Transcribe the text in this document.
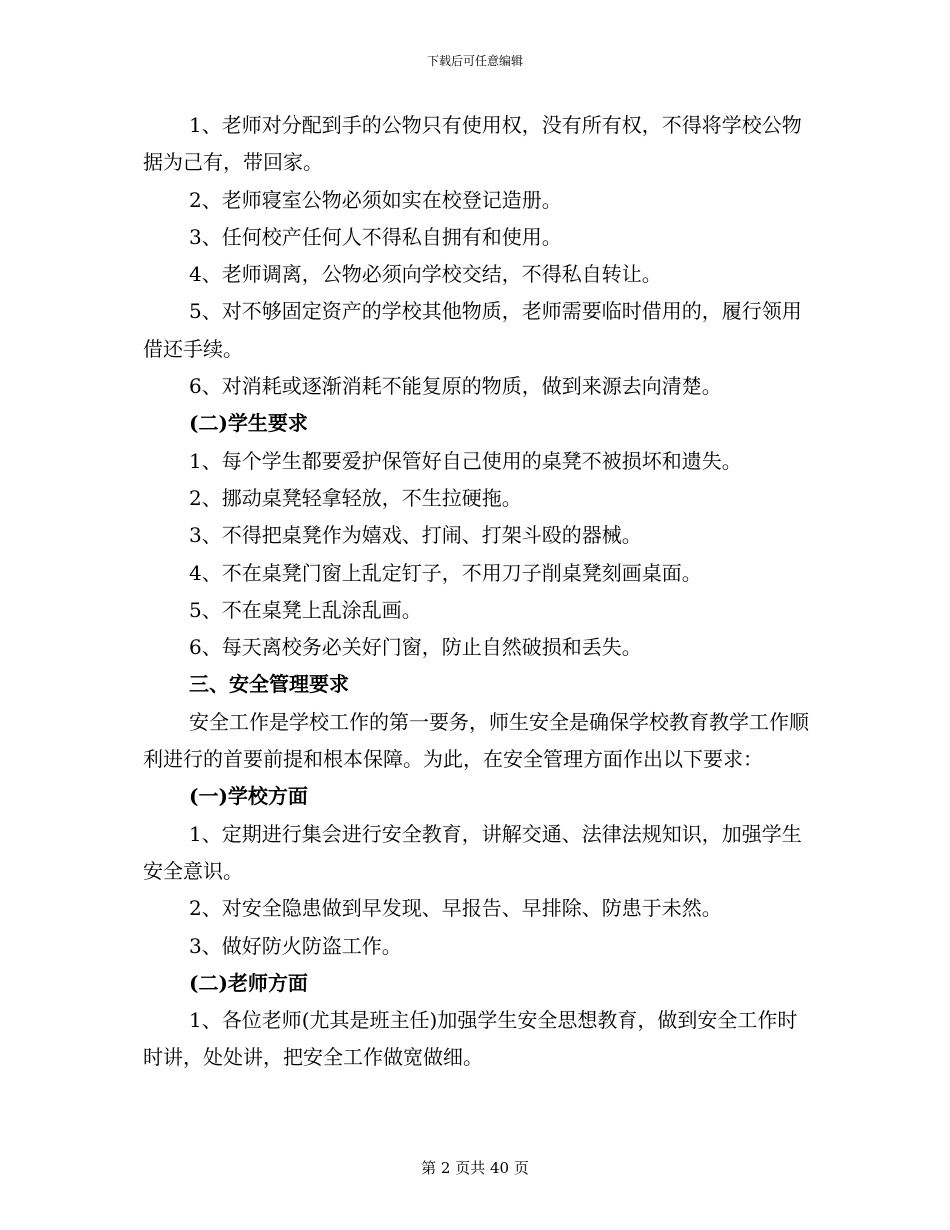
下载后可任意编辑

1、老师对分配到手的公物只有使用权，没有所有权，不得将学校公物据为己有，带回家。

2、老师寝室公物必须如实在校登记造册。

3、任何校产任何人不得私自拥有和使用。

4、老师调离，公物必须向学校交结，不得私自转让。

5、对不够固定资产的学校其他物质，老师需要临时借用的，履行领用借还手续。

6、对消耗或逐渐消耗不能复原的物质，做到来源去向清楚。

(二)学生要求

1、每个学生都要爱护保管好自己使用的桌凳不被损坏和遗失。

2、挪动桌凳轻拿轻放，不生拉硬拖。

3、不得把桌凳作为嬉戏、打闹、打架斗殴的器械。

4、不在桌凳门窗上乱定钉子，不用刀子削桌凳刻画桌面。

5、不在桌凳上乱涂乱画。

6、每天离校务必关好门窗，防止自然破损和丢失。

三、安全管理要求

安全工作是学校工作的第一要务，师生安全是确保学校教育教学工作顺利进行的首要前提和根本保障。为此，在安全管理方面作出以下要求：

(一)学校方面

1、定期进行集会进行安全教育，讲解交通、法律法规知识，加强学生安全意识。

2、对安全隐患做到早发现、早报告、早排除、防患于未然。

3、做好防火防盗工作。

(二)老师方面

1、各位老师(尤其是班主任)加强学生安全思想教育，做到安全工作时时讲，处处讲，把安全工作做宽做细。

第 2 页共 40 页
